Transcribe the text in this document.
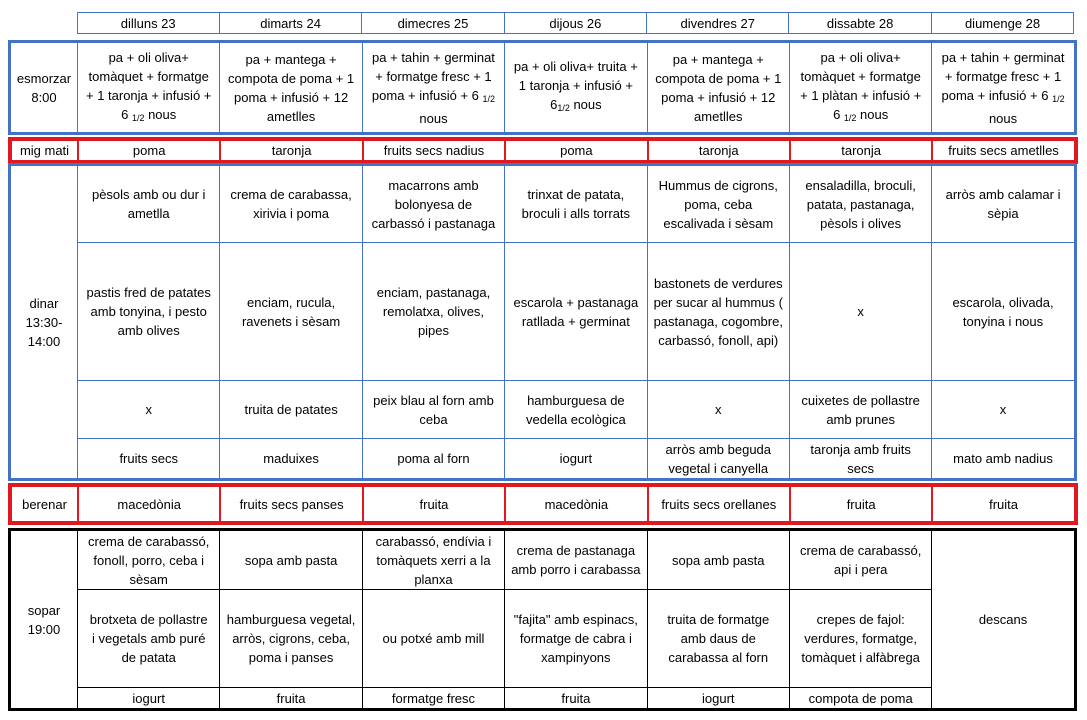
	dilluns 23	dimarts 24	dimecres 25	dijous 26	divendres 27	dissabte 28	diumenge 28
esmorzar
8:00	pa + oli oliva+
tomàquet + formatge
+ 1 taronja + infusió +
6 1/2 nous	pa + mantega +
compota de poma + 1
poma + infusió + 12
ametlles	pa + tahin + germinat
+ formatge fresc + 1
poma + infusió + 6 1/2
nous	pa + oli oliva+ truita +
1 taronja + infusió + 61/2 nous	pa + mantega +
compota de poma + 1
poma + infusió + 12
ametlles	pa + oli oliva+
tomàquet + formatge
+ 1 plàtan + infusió +
6 1/2 nous	pa + tahin + germinat
+ formatge fresc + 1
poma + infusió + 6 1/2
nous
mig mati	poma	taronja	fruits secs nadius	poma	taronja	taronja	fruits secs ametlles
dinar
13:30-
14:00	pèsols amb ou dur i
ametlla	crema de carabassa,
xirivia i poma	macarrons amb
bolonyesa de
carbassó i pastanaga	trinxat de patata,
broculi i alls torrats	Hummus de cigrons,
poma, ceba
escalivada i sèsam	ensaladilla, broculi,
patata, pastanaga,
pèsols i olives	arròs amb calamar i
sèpia
	pastis fred de patates
amb tonyina, i pesto
amb olives	enciam, rucula,
ravenets i sèsam	enciam, pastanaga,
remolatxa, olives,
pipes	escarola + pastanaga
ratllada + germinat	bastonets de verdures
per sucar al hummus (
pastanaga, cogombre,
carbassó, fonoll, api)	x	escarola, olivada,
tonyina i nous
	x	truita de patates	peix blau al forn amb
ceba	hamburguesa de
vedella ecològica	x	cuixetes de pollastre
amb prunes	x
	fruits secs	maduixes	poma al forn	iogurt	arròs amb beguda
vegetal i canyella	taronja amb fruits
secs	mato amb nadius
berenar	macedònia	fruits secs panses	fruita	macedònia	fruits secs orellanes	fruita	fruita
sopar
19:00	crema de carabassó,
fonoll, porro, ceba i
sèsam	sopa amb pasta	carabassó, endívia i
tomàquets xerri a la
planxa	crema de pastanaga
amb porro i carabassa	sopa amb pasta	crema de carabassó,
api i pera	descans
	brotxeta de pollastre
i vegetals amb puré
de patata	hamburguesa vegetal,
arròs, cigrons, ceba,
poma i panses	ou potxé amb mill	"fajita" amb espinacs,
formatge de cabra i
xampinyons	truita de formatge
amb daus de
carabassa al forn	crepes de fajol:
verdures, formatge,
tomàquet i alfàbrega	
	iogurt	fruita	formatge fresc	fruita	iogurt	compota de poma	
